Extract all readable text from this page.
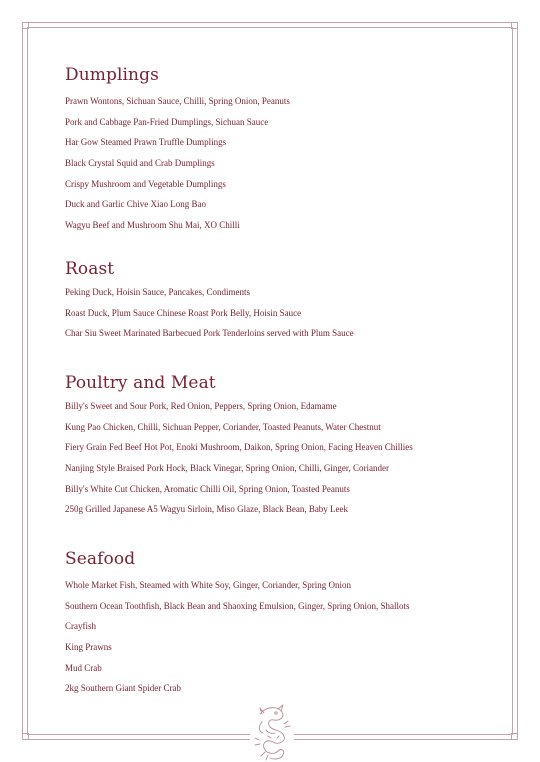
Dumplings
Prawn Wontons, Sichuan Sauce, Chilli, Spring Onion, Peanuts
Pork and Cabbage Pan-Fried Dumplings, Sichuan Sauce
Har Gow Steamed Prawn Truffle Dumplings
Black Crystal Squid and Crab Dumplings
Crispy Mushroom and Vegetable Dumplings
Duck and Garlic Chive Xiao Long Bao
Wagyu Beef and Mushroom Shu Mai, XO Chilli
Roast
Peking Duck, Hoisin Sauce, Pancakes, Condiments
Roast Duck, Plum Sauce Chinese Roast Pork Belly, Hoisin Sauce
Char Siu Sweet Marinated Barbecued Pork Tenderloins served with Plum Sauce
Poultry and Meat
Billy's Sweet and Sour Pork, Red Onion, Peppers, Spring Onion, Edamame
Kung Pao Chicken, Chilli, Sichuan Pepper, Coriander, Toasted Peanuts, Water Chestnut
Fiery Grain Fed Beef Hot Pot, Enoki Mushroom, Daikon, Spring Onion, Facing Heaven Chillies
Nanjing Style Braised Pork Hock, Black Vinegar, Spring Onion, Chilli, Ginger, Coriander
Billy's White Cut Chicken, Aromatic Chilli Oil, Spring Onion, Toasted Peanuts
250g Grilled Japanese A5 Wagyu Sirloin, Miso Glaze, Black Bean, Baby Leek
Seafood
Whole Market Fish, Steamed with White Soy, Ginger, Coriander, Spring Onion
Southern Ocean Toothfish, Black Bean and Shaoxing Emulsion, Ginger, Spring Onion, Shallots
Crayfish
King Prawns
Mud Crab
2kg Southern Giant Spider Crab
